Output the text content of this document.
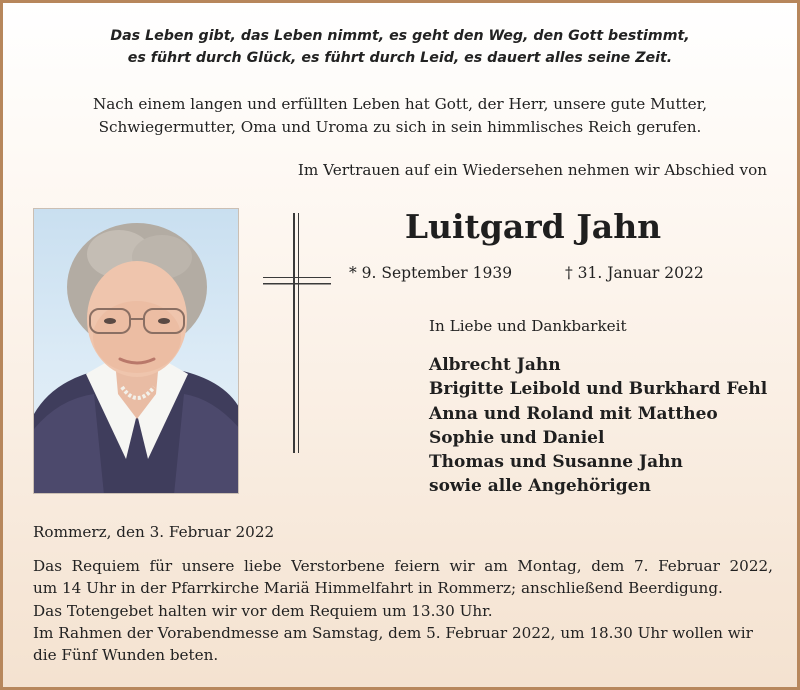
Das Leben gibt, das Leben nimmt, es geht den Weg, den Gott bestimmt,
es führt durch Glück, es führt durch Leid, es dauert alles seine Zeit.
Nach einem langen und erfüllten Leben hat Gott, der Herr, unsere gute Mutter,
Schwiegermutter, Oma und Uroma zu sich in sein himmlisches Reich gerufen.
Im Vertrauen auf ein Wiedersehen nehmen wir Abschied von
Luitgard Jahn
* 9. September 1939	† 31. Januar 2022
In Liebe und Dankbarkeit
Albrecht Jahn
Brigitte Leibold und Burkhard Fehl
Anna und Roland mit Mattheo
Sophie und Daniel
Thomas und Susanne Jahn
sowie alle Angehörigen
Rommerz, den 3. Februar 2022

Das Requiem für unsere liebe Verstorbene feiern wir am Montag, dem 7. Februar 2022,

um 14 Uhr in der Pfarrkirche Mariä Himmelfahrt in Rommerz; anschließend Beerdigung.

Das Totengebet halten wir vor dem Requiem um 13.30 Uhr.

Im Rahmen der Vorabendmesse am Samstag, dem 5. Februar 2022, um 18.30 Uhr wollen wir

die Fünf Wunden beten.
